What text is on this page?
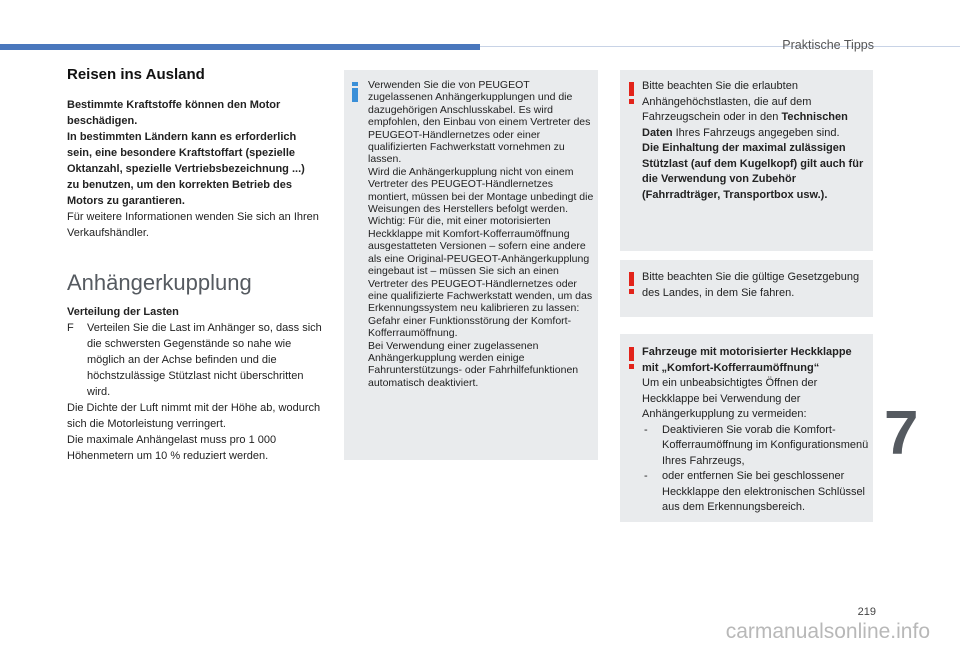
Praktische Tipps
Reisen ins Ausland

Bestimmte Kraftstoffe können den Motor beschädigen.
In bestimmten Ländern kann es erforderlich sein, eine besondere Kraftstoffart (spezielle Oktanzahl, spezielle Vertriebsbezeichnung ...) zu benutzen, um den korrekten Betrieb des Motors zu garantieren.

Für weitere Informationen wenden Sie sich an Ihren Verkaufshändler.

Anhängerkupplung

Verteilung der Lasten

F	Verteilen Sie die Last im Anhänger so, dass sich die schwersten Gegenstände so nahe wie möglich an der Achse befinden und die höchstzulässige Stützlast nicht überschritten wird.

Die Dichte der Luft nimmt mit der Höhe ab, wodurch sich die Motorleistung verringert.

Die maximale Anhängelast muss pro 1 000 Höhenmetern um 10 % reduziert werden.

Verwenden Sie die von PEUGEOT zugelassenen Anhängerkupplungen und die dazugehörigen Anschlusskabel. Es wird empfohlen, den Einbau von einem Vertreter des PEUGEOT-Händlernetzes oder einer qualifizierten Fachwerkstatt vornehmen zu lassen.

Wird die Anhängerkupplung nicht von einem Vertreter des PEUGEOT-Händlernetzes montiert, müssen bei der Montage unbedingt die Weisungen des Herstellers befolgt werden.

Wichtig: Für die, mit einer motorisierten Heckklappe mit Komfort-Kofferraumöffnung ausgestatteten Versionen – sofern eine andere als eine Original-PEUGEOT-Anhängerkupplung eingebaut ist – müssen Sie sich an einen Vertreter des PEUGEOT-Händlernetzes oder eine qualifizierte Fachwerkstatt wenden, um das Erkennungssystem neu kalibrieren zu lassen: Gefahr einer Funktionsstörung der Komfort-Kofferraumöffnung.

Bei Verwendung einer zugelassenen Anhängerkupplung werden einige Fahrunterstützungs- oder Fahrhilfefunktionen automatisch deaktiviert.

Bitte beachten Sie die erlaubten Anhängehöchstlasten, die auf dem Fahrzeugschein oder in den Technischen Daten Ihres Fahrzeugs angegeben sind.

Die Einhaltung der maximal zulässigen Stützlast (auf dem Kugelkopf) gilt auch für die Verwendung von Zubehör (Fahrradträger, Transportbox usw.).

Bitte beachten Sie die gültige Gesetzgebung des Landes, in dem Sie fahren.

Fahrzeuge mit motorisierter Heckklappe mit „Komfort-Kofferraumöffnung“

Um ein unbeabsichtigtes Öffnen der Heckklappe bei Verwendung der Anhängerkupplung zu vermeiden:

- Deaktivieren Sie vorab die Komfort-Kofferraumöffnung im Konfigurationsmenü Ihres Fahrzeugs,
- oder entfernen Sie bei geschlossener Heckklappe den elektronischen Schlüssel aus dem Erkennungsbereich.
7
219
carmanualsonline.info
